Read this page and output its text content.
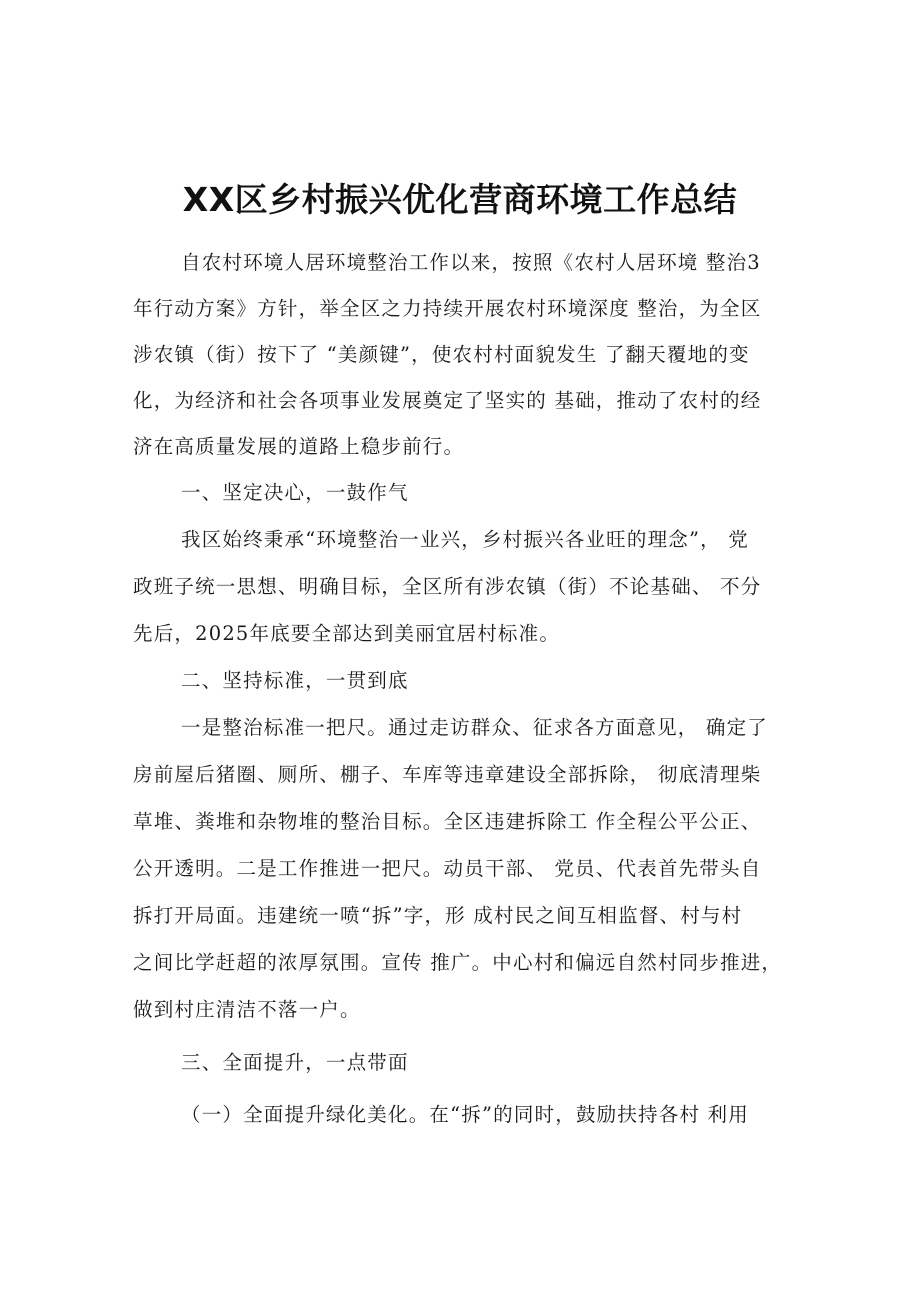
XX区乡村振兴优化营商环境工作总结
自农村环境人居环境整治工作以来，按照《农村人居环境 整治3
年行动方案》方针，举全区之力持续开展农村环境深度 整治，为全区
涉农镇（街）按下了 “美颜键”，使农村村面貌发生 了翻天覆地的变
化，为经济和社会各项事业发展奠定了坚实的 基础，推动了农村的经
济在高质量发展的道路上稳步前行。
一、坚定决心，一鼓作气
我区始终秉承“环境整治一业兴，乡村振兴各业旺的理念”， 党
政班子统一思想、明确目标，全区所有涉农镇（街）不论基础、 不分
先后，2025年底要全部达到美丽宜居村标准。
二、坚持标准，一贯到底
一是整治标准一把尺。通过走访群众、征求各方面意见， 确定了
房前屋后猪圈、厕所、棚子、车库等违章建设全部拆除， 彻底清理柴
草堆、粪堆和杂物堆的整治目标。全区违建拆除工 作全程公平公正、
公开透明。二是工作推进一把尺。动员干部、 党员、代表首先带头自
拆打开局面。违建统一喷“拆”字，形 成村民之间互相监督、村与村
之间比学赶超的浓厚氛围。宣传 推广。中心村和偏远自然村同步推进，
做到村庄清洁不落一户。
三、全面提升，一点带面
（一）全面提升绿化美化。在“拆”的同时，鼓励扶持各村 利用
